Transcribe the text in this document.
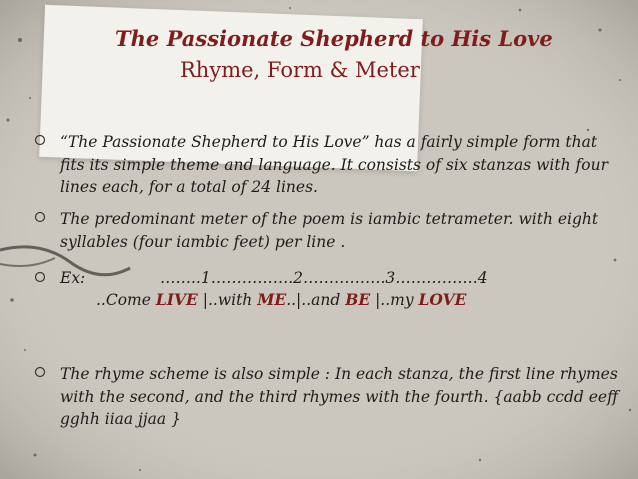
The Passionate Shepherd to His Love
Rhyme, Form & Meter
“The Passionate Shepherd to His Love” has a fairly simple form that fits its simple theme and language. It consists of six stanzas with four lines each, for a total of 24 lines.
The predominant meter of the poem is iambic tetrameter. with eight syllables (four iambic feet) per line .
Ex:	……..1…………….2…………….3…………….4
..Come LIVE |..with ME..|..and BE |..my LOVE
The rhyme scheme is also simple : In each stanza, the first line rhymes with the second, and the third rhymes with the fourth. {aabb ccdd eeff gghh iiaa jjaa }
